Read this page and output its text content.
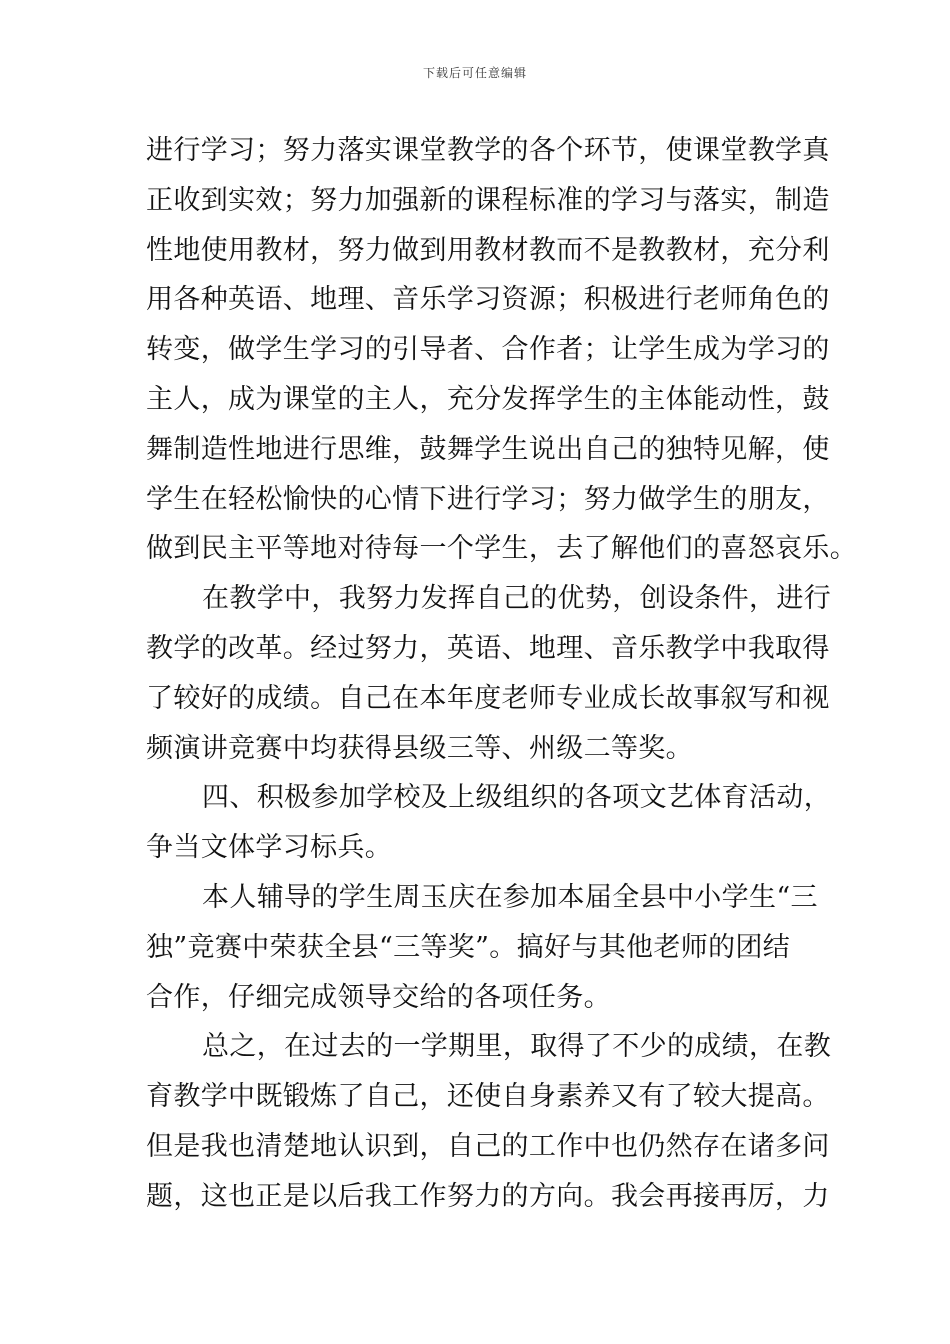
下载后可任意编辑
进行学习；努力落实课堂教学的各个环节，使课堂教学真
正收到实效；努力加强新的课程标准的学习与落实，制造
性地使用教材，努力做到用教材教而不是教教材，充分利
用各种英语、地理、音乐学习资源；积极进行老师角色的
转变，做学生学习的引导者、合作者；让学生成为学习的
主人，成为课堂的主人，充分发挥学生的主体能动性，鼓
舞制造性地进行思维，鼓舞学生说出自己的独特见解，使
学生在轻松愉快的心情下进行学习；努力做学生的朋友，
做到民主平等地对待每一个学生，去了解他们的喜怒哀乐。
在教学中，我努力发挥自己的优势，创设条件，进行
教学的改革。经过努力，英语、地理、音乐教学中我取得
了较好的成绩。自己在本年度老师专业成长故事叙写和视
频演讲竞赛中均获得县级三等、州级二等奖。
四、积极参加学校及上级组织的各项文艺体育活动，
争当文体学习标兵。
本人辅导的学生周玉庆在参加本届全县中小学生“三
独”竞赛中荣获全县“三等奖”。搞好与其他老师的团结
合作，仔细完成领导交给的各项任务。
总之，在过去的一学期里，取得了不少的成绩，在教
育教学中既锻炼了自己，还使自身素养又有了较大提高。
但是我也清楚地认识到，自己的工作中也仍然存在诸多问
题，这也正是以后我工作努力的方向。我会再接再厉，力
